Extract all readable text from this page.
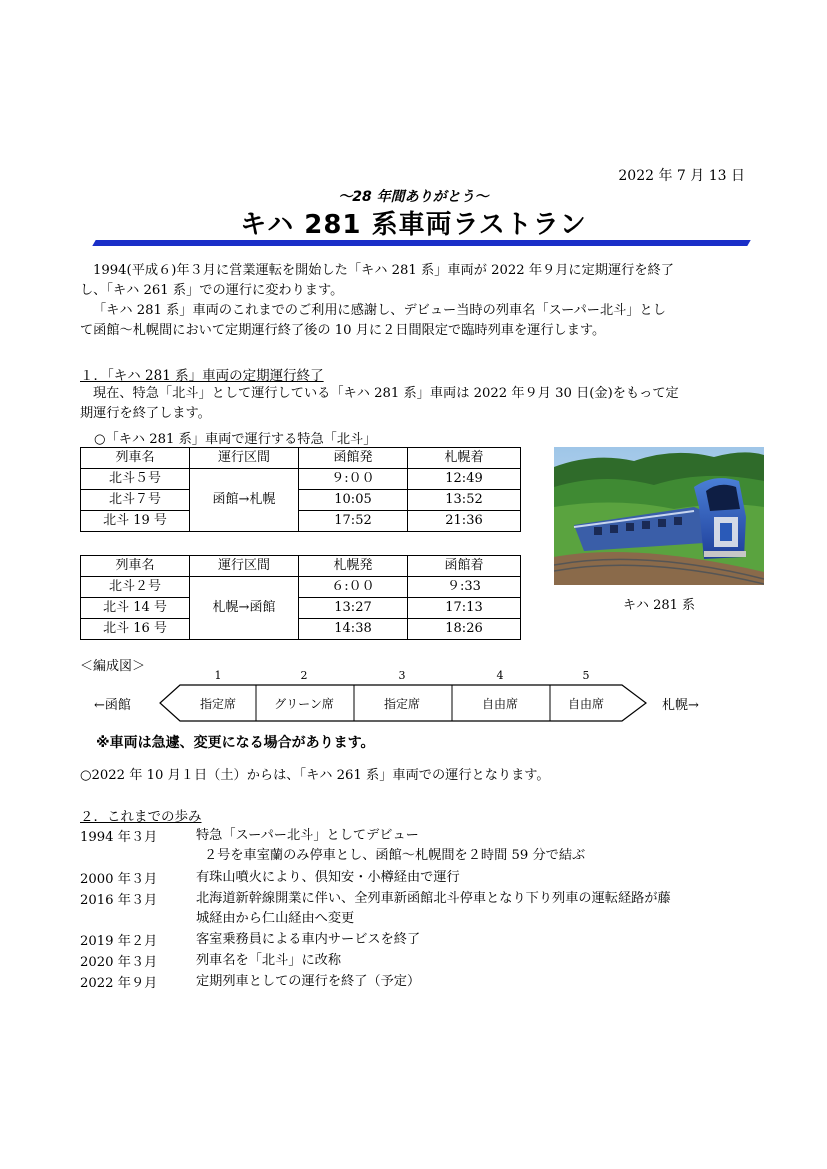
2022 年 7 月 13 日
～28 年間ありがとう～
キハ 281 系車両ラストラン
1994(平成６)年３月に営業運転を開始した「キハ 281 系」車両が 2022 年９月に定期運行を終了
し、「キハ 261 系」での運行に変わります。
「キハ 281 系」車両のこれまでのご利用に感謝し、デビュー当時の列車名「スーパー北斗」とし
て函館～札幌間において定期運行終了後の 10 月に２日間限定で臨時列車を運行します。
１．「キハ 281 系」車両の定期運行終了
現在、特急「北斗」として運行している「キハ 281 系」車両は 2022 年９月 30 日(金)をもって定
期運行を終了します。
○「キハ 281 系」車両で運行する特急「北斗」
列車名	運行区間	函館発	札幌着
北斗５号	函館→札幌	９:００	12:49
北斗７号		10:05	13:52
北斗 19 号		17:52	21:36
列車名	運行区間	札幌発	函館着
北斗２号	札幌→函館	６:００	９:33
北斗 14 号		13:27	17:13
北斗 16 号		14:38	18:26
キハ 281 系
＜編成図＞
←函館	札幌→
1	2	3	4	5
指定席	グリーン席	指定席	自由席	自由席
※車両は急遽、変更になる場合があります。
○2022 年 10 月１日（土）からは、「キハ 261 系」車両での運行となります。
２．これまでの歩み
1994 年３月	特急「スーパー北斗」としてデビュー
２号を車室蘭のみ停車とし、函館～札幌間を２時間 59 分で結ぶ
2000 年３月	有珠山噴火により、倶知安・小樽経由で運行
2016 年３月	北海道新幹線開業に伴い、全列車新函館北斗停車となり下り列車の運転経路が藤
城経由から仁山経由へ変更
2019 年２月	客室乗務員による車内サービスを終了
2020 年３月	列車名を「北斗」に改称
2022 年９月	定期列車としての運行を終了（予定）
